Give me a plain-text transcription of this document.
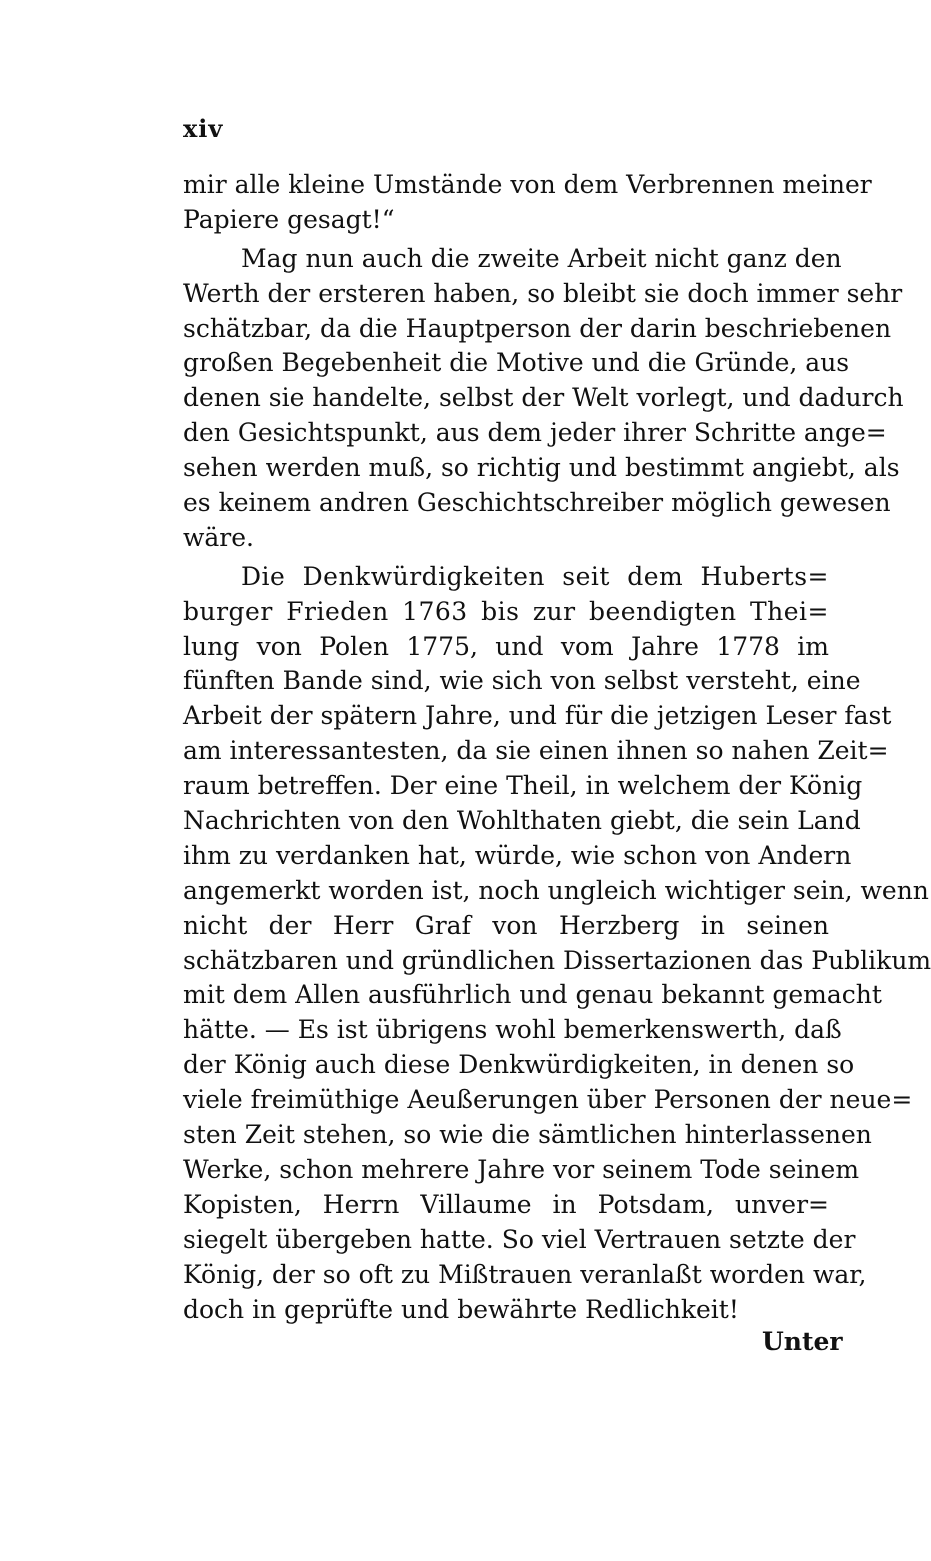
xiv
mir alle kleine Umstände von dem Verbrennen meiner
Papiere gesagt!“
Mag nun auch die zweite Arbeit nicht ganz den
Werth der ersteren haben, so bleibt sie doch immer sehr
schätzbar, da die Hauptperson der darin beschriebenen
großen Begebenheit die Motive und die Gründe, aus
denen sie handelte, selbst der Welt vorlegt, und dadurch
den Gesichtspunkt, aus dem jeder ihrer Schritte ange=
sehen werden muß, so richtig und bestimmt angiebt, als
es keinem andren Geschichtschreiber möglich gewesen
wäre.
Die Denkwürdigkeiten seit dem Huberts=
burger Frieden 1763 bis zur beendigten Thei=
lung von Polen 1775, und vom Jahre 1778 im
fünften Bande sind, wie sich von selbst versteht, eine
Arbeit der spätern Jahre, und für die jetzigen Leser fast
am interessantesten, da sie einen ihnen so nahen Zeit=
raum betreffen. Der eine Theil, in welchem der König
Nachrichten von den Wohlthaten giebt, die sein Land
ihm zu verdanken hat, würde, wie schon von Andern
angemerkt worden ist, noch ungleich wichtiger sein, wenn
nicht der Herr Graf von Herzberg in seinen
schätzbaren und gründlichen Dissertazionen das Publikum
mit dem Allen ausführlich und genau bekannt gemacht
hätte. — Es ist übrigens wohl bemerkenswerth, daß
der König auch diese Denkwürdigkeiten, in denen so
viele freimüthige Aeußerungen über Personen der neue=
sten Zeit stehen, so wie die sämtlichen hinterlassenen
Werke, schon mehrere Jahre vor seinem Tode seinem
Kopisten, Herrn Villaume in Potsdam, unver=
siegelt übergeben hatte. So viel Vertrauen setzte der
König, der so oft zu Mißtrauen veranlaßt worden war,
doch in geprüfte und bewährte Redlichkeit!
Unter
